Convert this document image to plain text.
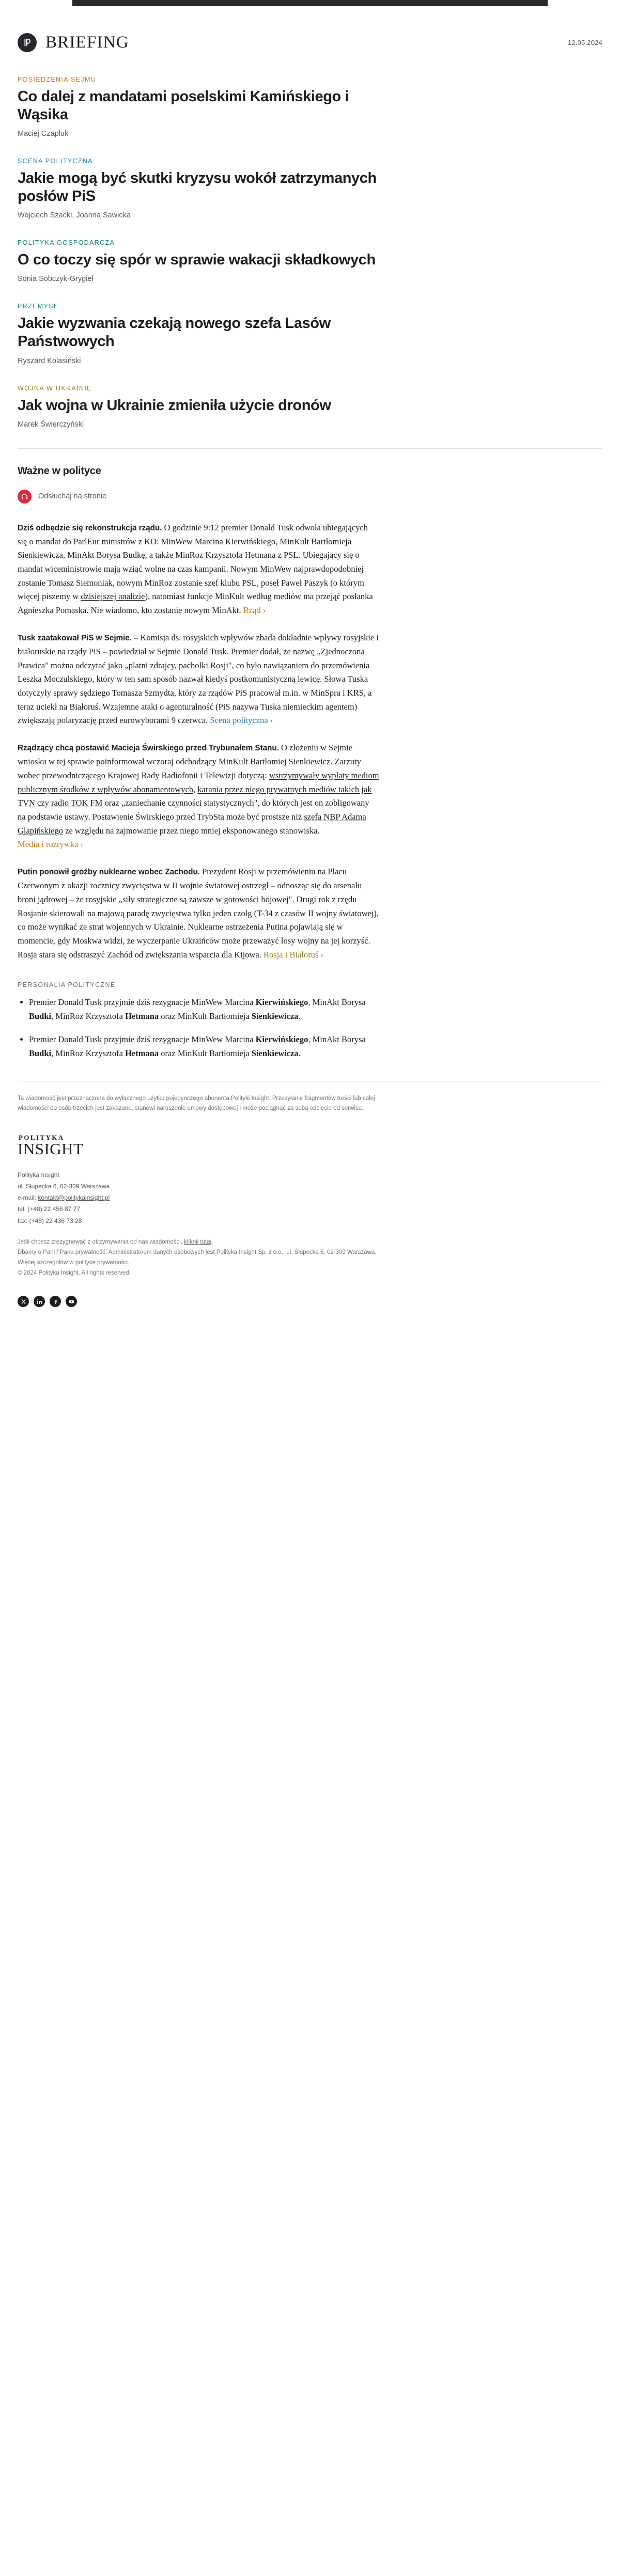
BRIEFING	12.05.2024
POSIEDZENIA SEJMU
Co dalej z mandatami poselskimi Kamińskiego i Wąsika
Maciej Czapluk
SCENA POLITYCZNA
Jakie mogą być skutki kryzysu wokół zatrzymanych posłów PiS
Wojciech Szacki, Joanna Sawicka
POLITYKA GOSPODARCZA
O co toczy się spór w sprawie wakacji składkowych
Sonia Sobczyk-Grygiel
PRZEMYSŁ
Jakie wyzwania czekają nowego szefa Lasów Państwowych
Ryszard Kolasiński
WOJNA W UKRAINIE
Jak wojna w Ukrainie zmieniła użycie dronów
Marek Świerczyński
Ważne w polityce
Odsłuchaj na stronie

Dziś odbędzie się rekonstrukcja rządu. O godzinie 9:12 premier Donald Tusk odwoła ubiegających się o mandat do ParlEur ministrów z KO: MinWew Marcina Kierwińskiego, MinKult Bartłomieja Sienkiewicza, MinAkt Borysa Budkę, a także MinRoz Krzysztofa Hetmana z PSL. Ubiegający się o mandat wiceministrowie mają wziąć wolne na czas kampanii. Nowym MinWew najprawdopodobniej zostanie Tomasz Siemoniak, nowym MinRoz zostanie szef klubu PSL, poseł Paweł Paszyk (o którym więcej piszemy w dzisiejszej analizie), natomiast funkcje MinKult według mediów ma przejąć posłanka Agnieszka Pomaska. Nie wiadomo, kto zostanie nowym MinAkt. Rząd ›

Tusk zaatakował PiS w Sejmie. – Komisja ds. rosyjskich wpływów zbada dokładnie wpływy rosyjskie i białoruskie na rządy PiS – powiedział w Sejmie Donald Tusk. Premier dodał, że nazwę „Zjednoczona Prawica" można odczytać jako „platni zdrajcy, pachołki Rosji", co było nawiązaniem do przemówienia Leszka Moczulskiego, który w ten sam sposób nazwał kiedyś postkomunistyczną lewicę. Słowa Tuska dotyczyły sprawy sędziego Tomasza Szmydta, który za rządów PiS pracował m.in. w MinSpra i KRS, a teraz uciekł na Białoruś. Wzajemne ataki o agenturalność (PiS nazywa Tuska niemieckim agentem) zwiększają polaryzację przed eurowyborami 9 czerwca. Scena polityczna ›

Rządzący chcą postawić Macieja Świrskiego przed Trybunałem Stanu. O złożeniu w Sejmie wniosku w tej sprawie poinformował wczoraj odchodzący MinKult Bartłomiej Sienkiewicz. Zarzuty wobec przewodniczącego Krajowej Rady Radiofonii i Telewizji dotyczą: wstrzymywały wypłaty mediom publicznym środków z wpływów abonamentowych, karania przez niego prywatnych mediów takich jak TVN czy radio TOK FM oraz „zaniechanie czynności statystycznych", do których jest on zobligowany na podstawie ustawy. Postawienie Świrskiego przed TrybSta może być prostsze niż szefa NBP Adama Glapińskiego ze względu na zajmowanie przez niego mniej eksponowanego stanowiska. Media i rozrywka ›

Putin ponowił groźby nuklearne wobec Zachodu. Prezydent Rosji w przemówieniu na Placu Czerwonym z okazji rocznicy zwycięstwa w II wojnie światowej ostrzegł – odnosząc się do arsenału broni jądrowej – że rosyjskie „siły strategiczne są zawsze w gotowości bojowej". Drugi rok z rzędu Rosjanie skierowali na majową paradę zwycięstwa tylko jeden czołg (T-34 z czasów II wojny światowej), co może wynikać ze strat wojennych w Ukrainie. Nuklearne ostrzeżenia Putina pojawiają się w momencie, gdy Moskwa widzi, że wyczerpanie Ukraińców może przeważyć losy wojny na jej korzyść. Rosja stara się odstraszyć Zachód od zwiększania wsparcia dla Kijowa. Rosja i Białoruś ›

PERSONALIA POLITYCZNE
• Premier Donald Tusk przyjmie dziś rezygnacje MinWew Marcina Kierwińskiego, MinAkt Borysa Budki, MinRoz Krzysztofa Hetmana oraz MinKult Bartłomieja Sienkiewicza.
• Premier Donald Tusk przyjmie dziś rezygnacje MinWew Marcina Kierwińskiego, MinAkt Borysa Budki, MinRoz Krzysztofa Hetmana oraz MinKult Bartłomieja Sienkiewicza.
Ta wiadomość jest przeznaczona do wyłącznego użytku pojedynczego abonenta Polityki Insight. Przesyłanie fragmentów treści lub całej wiadomości do osób trzecich jest zakazane, stanowi naruszenie umowy dostępowej i może pociągnąć za sobą odcięcie od serwisu.
POLITYKA
INSIGHT
Polityka Insight
ul. Słupecka 6, 02-309 Warszawa
e-mail: kontakt@politykainsight.pl
tel. (+48) 22 456 87 77
fax: (+48) 22 436 73 28
Jeśli chcesz zrezygnować z otrzymywania od nas wiadomości, kliknij tutaj.
Dbamy o Pani / Pana prywatność. Administratorem danych osobowych jest Polityka Insight Sp. z o.o., ul. Słupecka 6, 02-309 Warszawa. Więcej szczegółów w polityce prywatności.
© 2024 Polityka Insight. All rights reserved.
